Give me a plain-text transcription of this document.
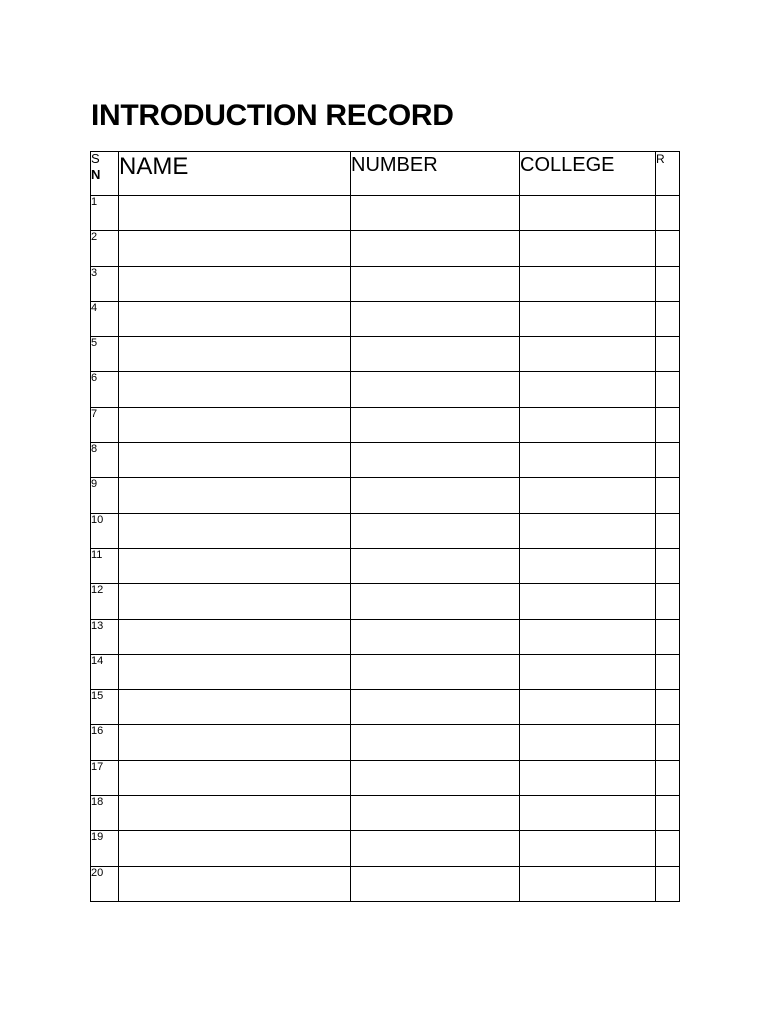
INTRODUCTION RECORD
S
N	NAME	NUMBER	COLLEGE	R
1				
2				
3				
4				
5				
6				
7				
8				
9				
10				
11				
12				
13				
14				
15				
16				
17				
18				
19				
20				
